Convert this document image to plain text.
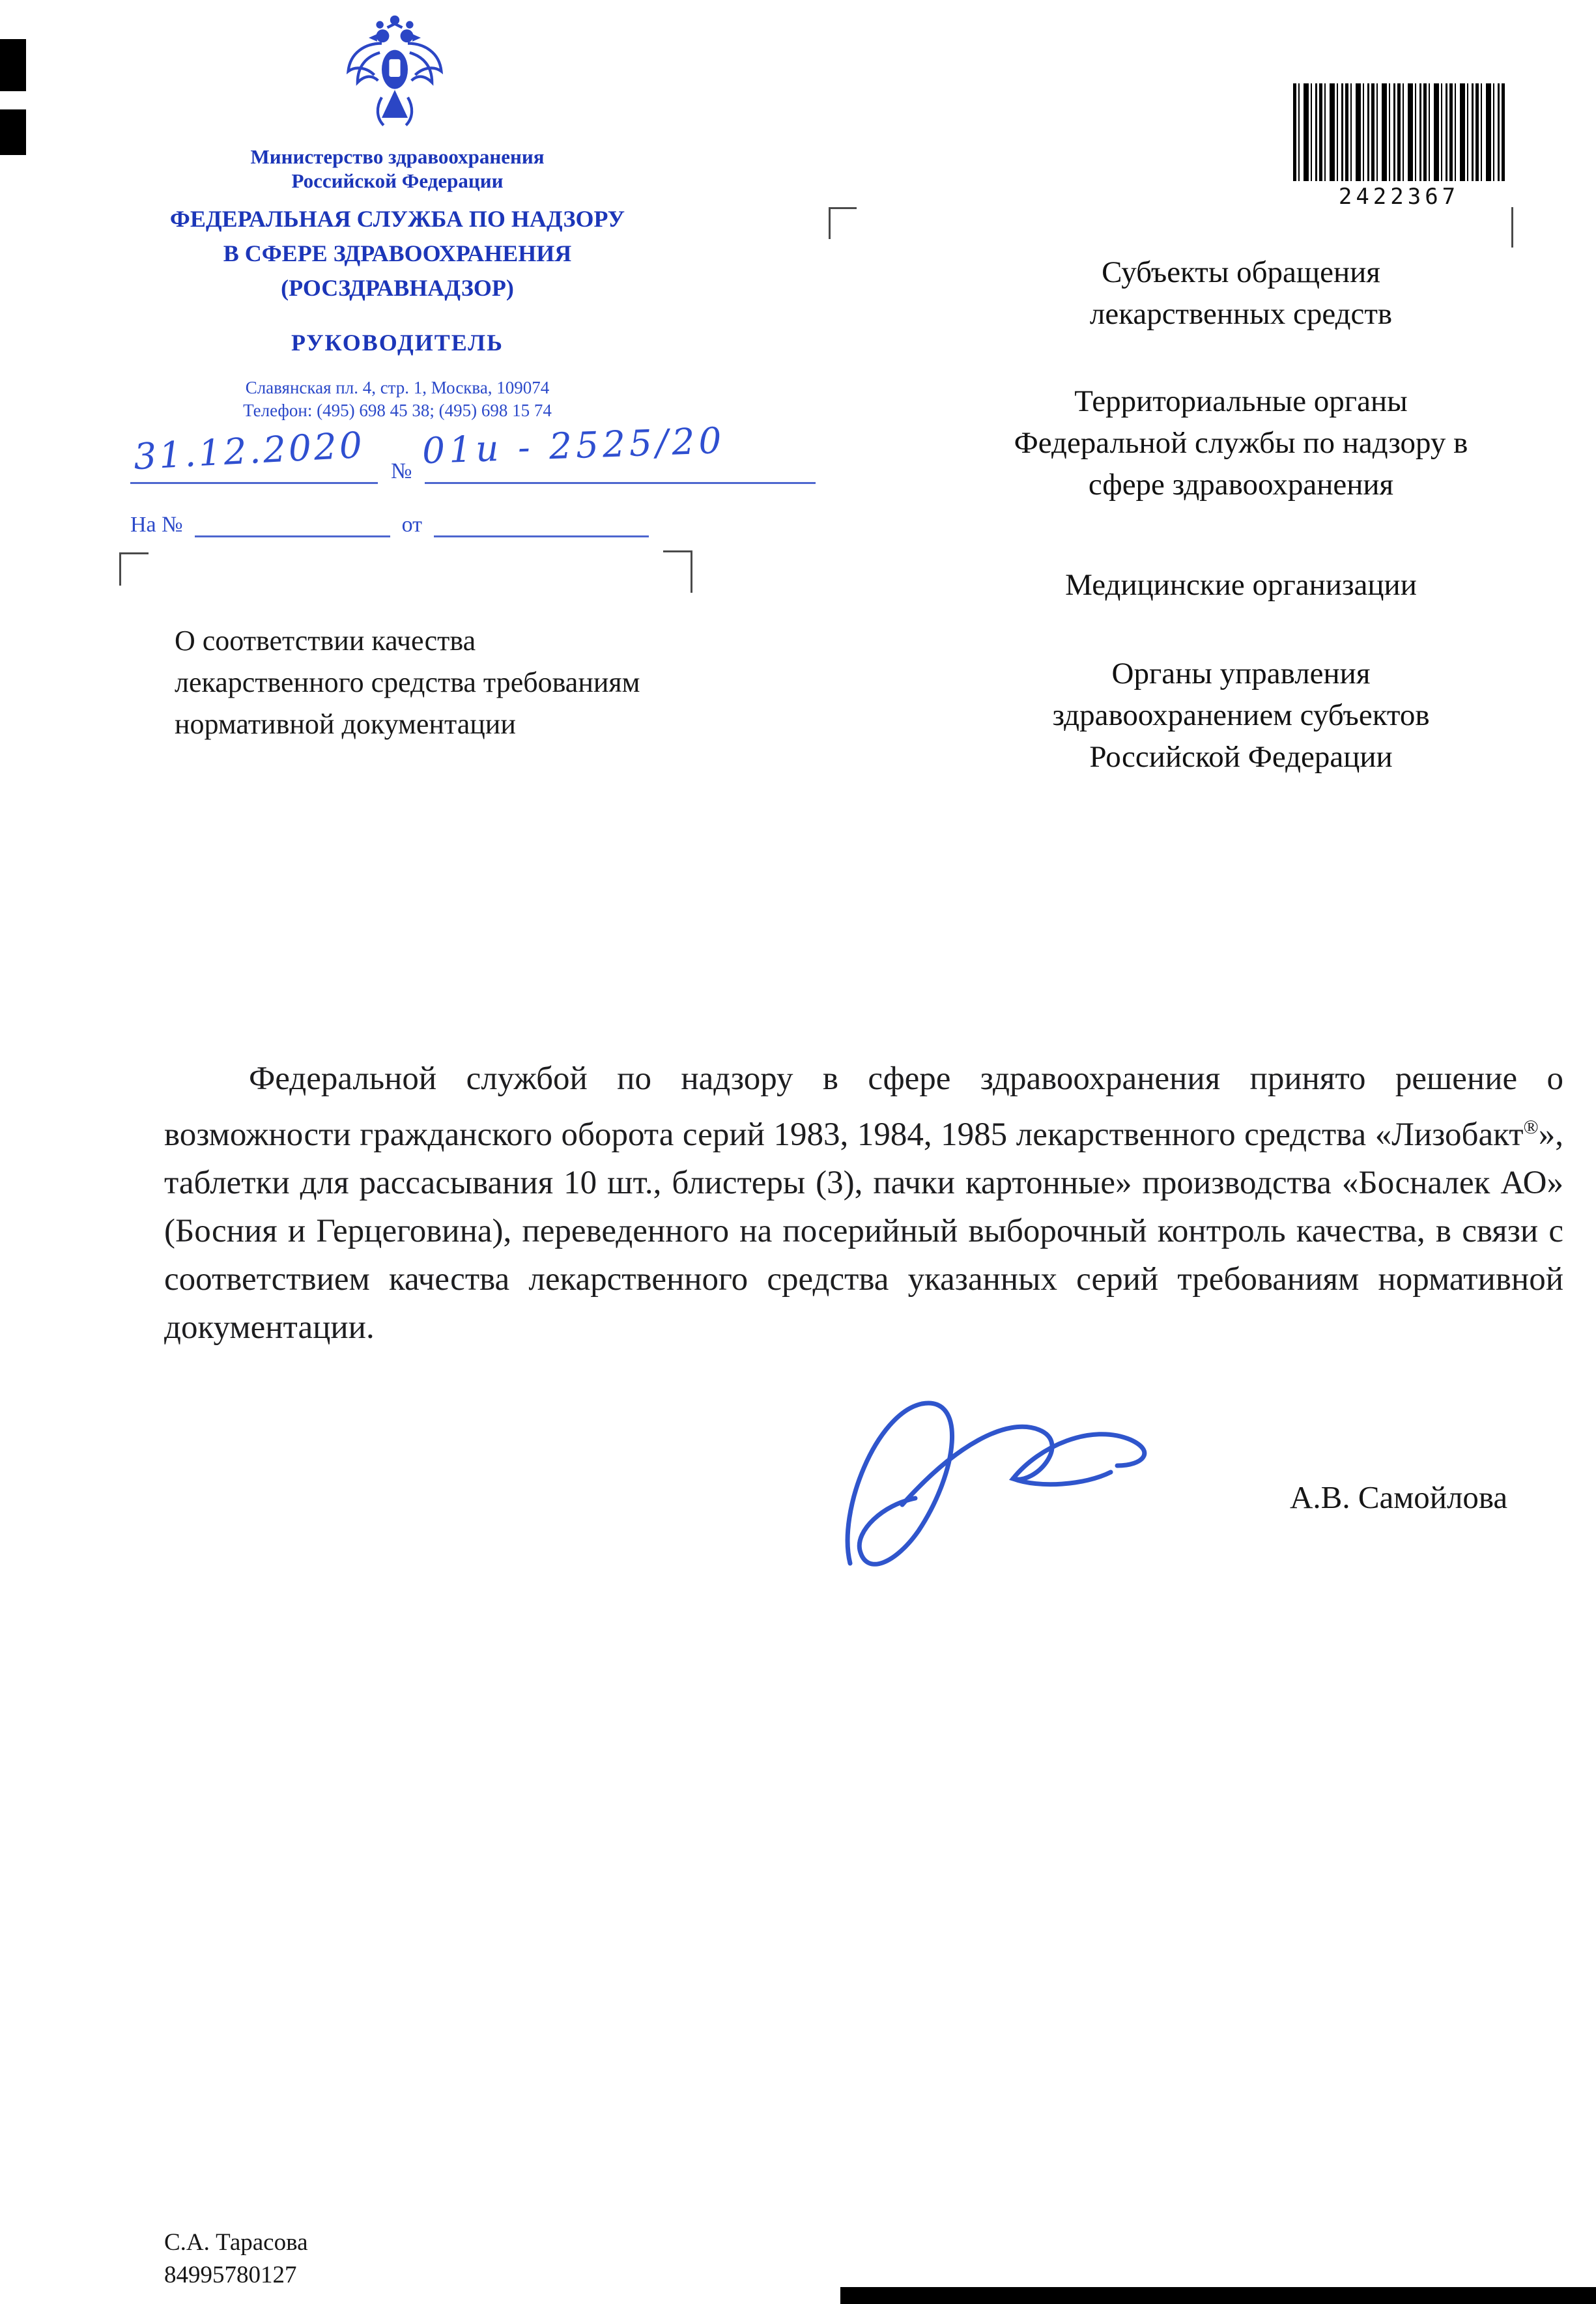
Министерство здравоохранения
Российской Федерации
ФЕДЕРАЛЬНАЯ СЛУЖБА ПО НАДЗОРУ
В СФЕРЕ ЗДРАВООХРАНЕНИЯ
(РОСЗДРАВНАДЗОР)
РУКОВОДИТЕЛЬ
Славянская пл. 4, стр. 1, Москва, 109074
Телефон: (495) 698 45 38; (495) 698 15 74
№
31.12.2020 01и - 2525/20
На №	от
О соответствии качества
лекарственного средства требованиям
нормативной документации
2422367
Субъекты обращения
лекарственных средств
Территориальные органы
Федеральной службы по надзору в
сфере здравоохранения
Медицинские организации
Органы управления
здравоохранением субъектов
Российской Федерации

Федеральной службой по надзору в сфере здравоохранения принято решение о возможности гражданского оборота серий 1983, 1984, 1985 лекарственного средства «Лизобакт®», таблетки для рассасывания 10 шт., блистеры (3), пачки картонные» производства «Босналек АО» (Босния и Герцеговина), переведенного на посерийный выборочный контроль качества, в связи с соответствием качества лекарственного средства указанных серий требованиям нормативной документации.

А.В. Самойлова
С.А. Тарасова
84995780127
